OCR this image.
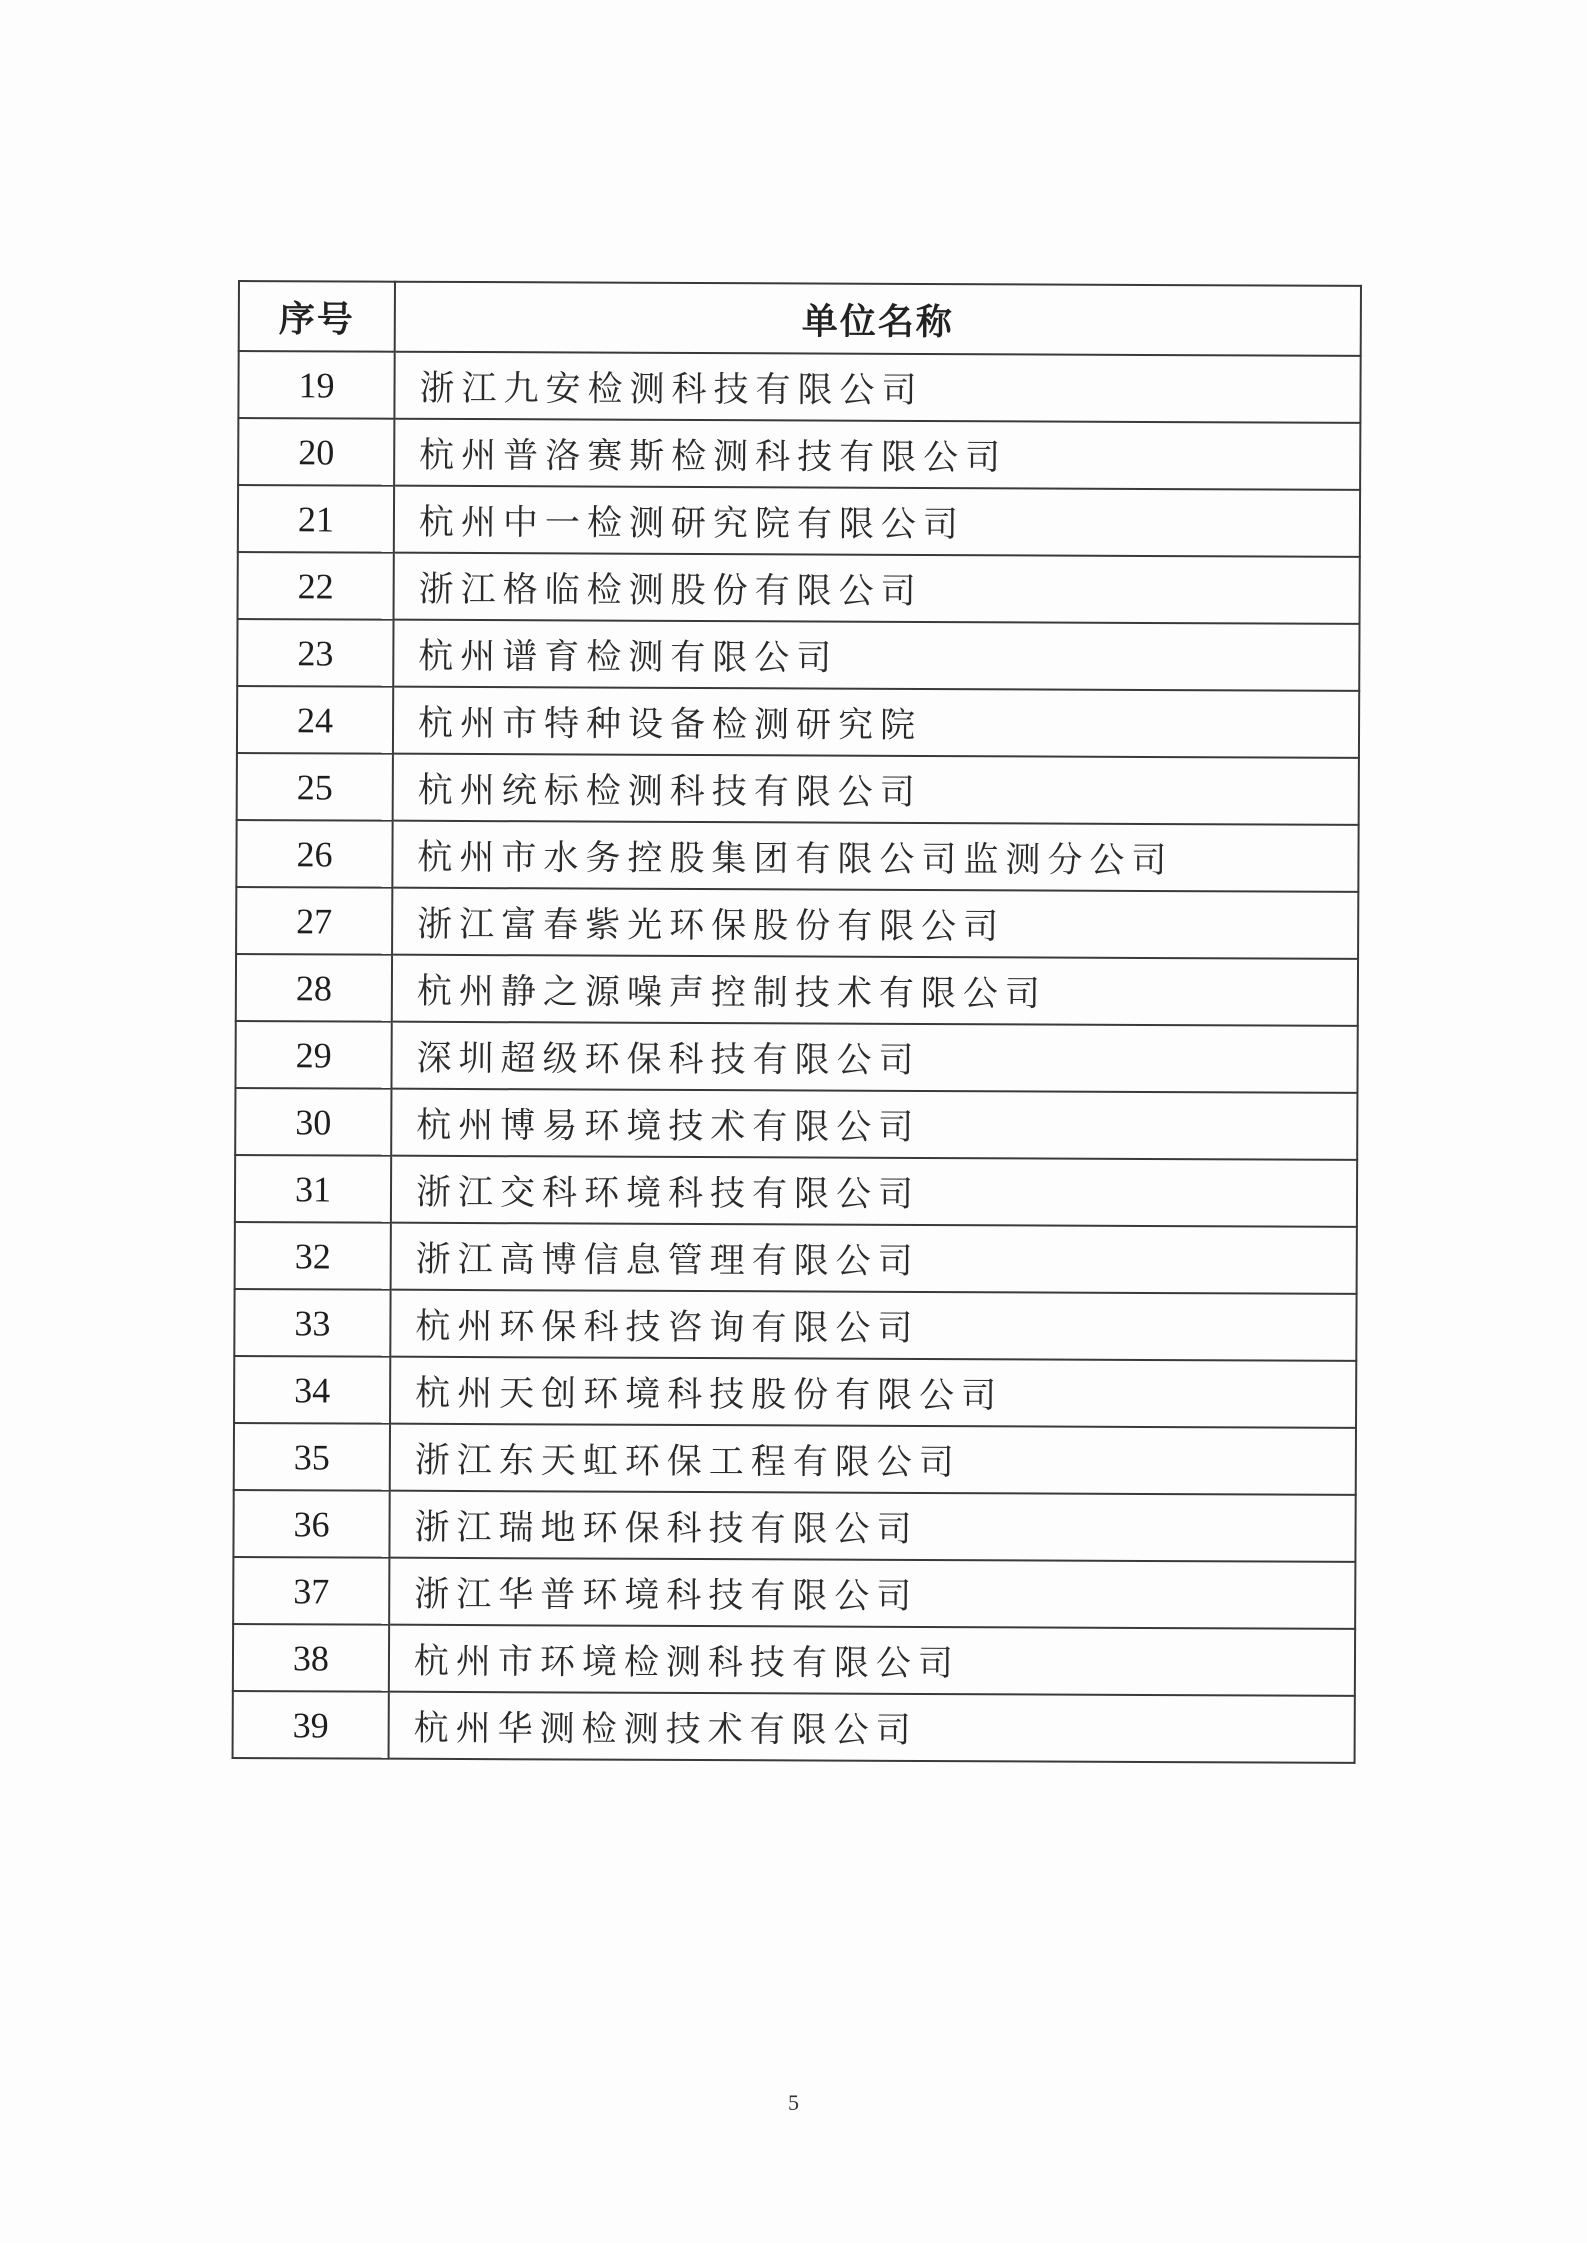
序号	单位名称
19	浙江九安检测科技有限公司
20	杭州普洛赛斯检测科技有限公司
21	杭州中一检测研究院有限公司
22	浙江格临检测股份有限公司
23	杭州谱育检测有限公司
24	杭州市特种设备检测研究院
25	杭州统标检测科技有限公司
26	杭州市水务控股集团有限公司监测分公司
27	浙江富春紫光环保股份有限公司
28	杭州静之源噪声控制技术有限公司
29	深圳超级环保科技有限公司
30	杭州博易环境技术有限公司
31	浙江交科环境科技有限公司
32	浙江高博信息管理有限公司
33	杭州环保科技咨询有限公司
34	杭州天创环境科技股份有限公司
35	浙江东天虹环保工程有限公司
36	浙江瑞地环保科技有限公司
37	浙江华普环境科技有限公司
38	杭州市环境检测科技有限公司
39	杭州华测检测技术有限公司
5
